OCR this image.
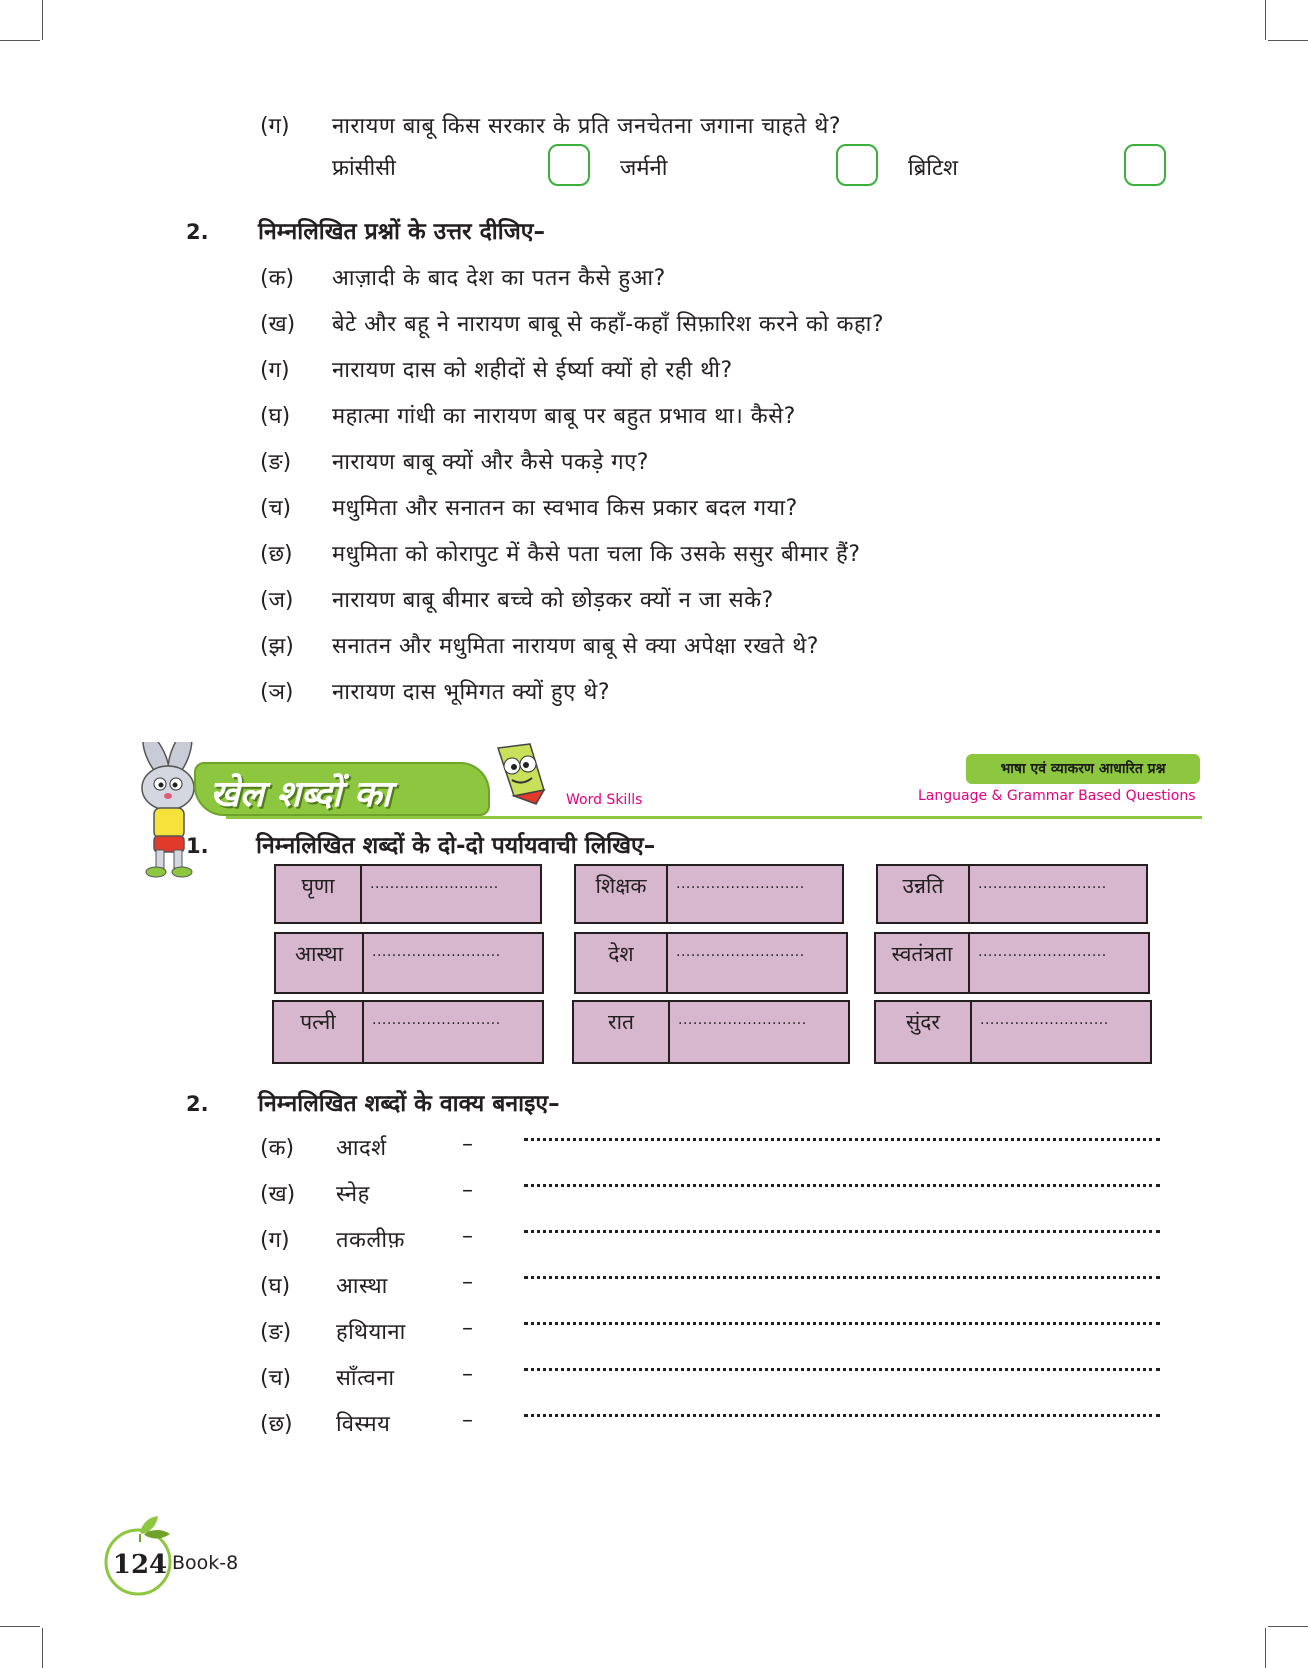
(ग) नारायण बाबू किस सरकार के प्रति जनचेतना जगाना चाहते थे?
फ्रांसीसी	जर्मनी	ब्रिटिश
2. निम्नलिखित प्रश्नों के उत्तर दीजिए–
(क) आज़ादी के बाद देश का पतन कैसे हुआ?
(ख) बेटे और बहू ने नारायण बाबू से कहाँ-कहाँ सिफ़ारिश करने को कहा?
(ग) नारायण दास को शहीदों से ईर्ष्या क्यों हो रही थी?
(घ) महात्मा गांधी का नारायण बाबू पर बहुत प्रभाव था। कैसे?
(ङ) नारायण बाबू क्यों और कैसे पकड़े गए?
(च) मधुमिता और सनातन का स्वभाव किस प्रकार बदल गया?
(छ) मधुमिता को कोरापुट में कैसे पता चला कि उसके ससुर बीमार हैं?
(ज) नारायण बाबू बीमार बच्चे को छोड़कर क्यों न जा सके?
(झ) सनातन और मधुमिता नारायण बाबू से क्या अपेक्षा रखते थे?
(ञ) नारायण दास भूमिगत क्यों हुए थे?
खेल शब्दों का	Word Skills
भाषा एवं व्याकरण आधारित प्रश्न
Language & Grammar Based Questions
1. निम्नलिखित शब्दों के दो-दो पर्यायवाची लिखिए–
घृणा	..........................	शिक्षक	..........................	उन्नति	..........................
आस्था	..........................	देश	..........................	स्वतंत्रता	..........................
पत्नी	..........................	रात	..........................	सुंदर	..........................
2. निम्नलिखित शब्दों के वाक्य बनाइए–
(क) आदर्श	–
(ख) स्नेह	–
(ग) तकलीफ़	–
(घ) आस्था	–
(ङ) हथियाना	–
(च) साँत्वना	–
(छ) विस्मय	–
124 Book-8
